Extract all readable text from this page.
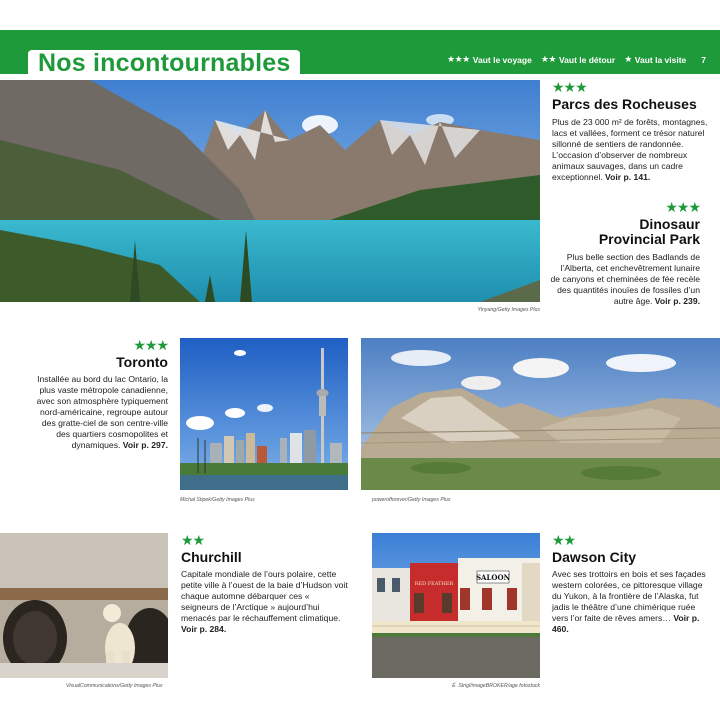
Nos incontournables	★★★ Vaut le voyage ★★ Vaut le détour ★ Vaut la visite 7
Yinyang/Getty Images Plus
★★★
Parcs des Rocheuses
Plus de 23 000 m² de forêts, montagnes, lacs et vallées, forment ce trésor naturel sillonné de sentiers de randonnée. L’occasion d’observer de nombreux animaux sauvages, dans un cadre exceptionnel. Voir p. 141.
★★★
Dinosaur
Provincial Park
Plus belle section des Badlands de l’Alberta, cet enchevêtrement lunaire de canyons et cheminées de fée recèle des quantités inouïes de fossiles d’un autre âge. Voir p. 239.
★★★
Toronto
Installée au bord du lac Ontario, la plus vaste métropole canadienne, avec son atmosphère typiquement nord-américaine, regroupe autour des gratte-ciel de son centre-ville des quartiers cosmopolites et dynamiques. Voir p. 297.
Michal Stipek/Getty Images Plus	powerofforever/Getty Images Plus
VisualCommunications/Getty Images Plus
★★
Churchill
Capitale mondiale de l’ours polaire, cette petite ville à l’ouest de la baie d’Hudson voit chaque automne débarquer ces « seigneurs de l’Arctique » aujourd’hui menacés par le réchauffement climatique. Voir p. 284.
RED FEATHER
SALOON
É. Strigl/imageBROKER/age fotostock
★★
Dawson City
Avec ses trottoirs en bois et ses façades western colorées, ce pittoresque village du Yukon, à la frontière de l’Alaska, fut jadis le théâtre d’une chimérique ruée vers l’or faite de rêves amers… Voir p. 460.
